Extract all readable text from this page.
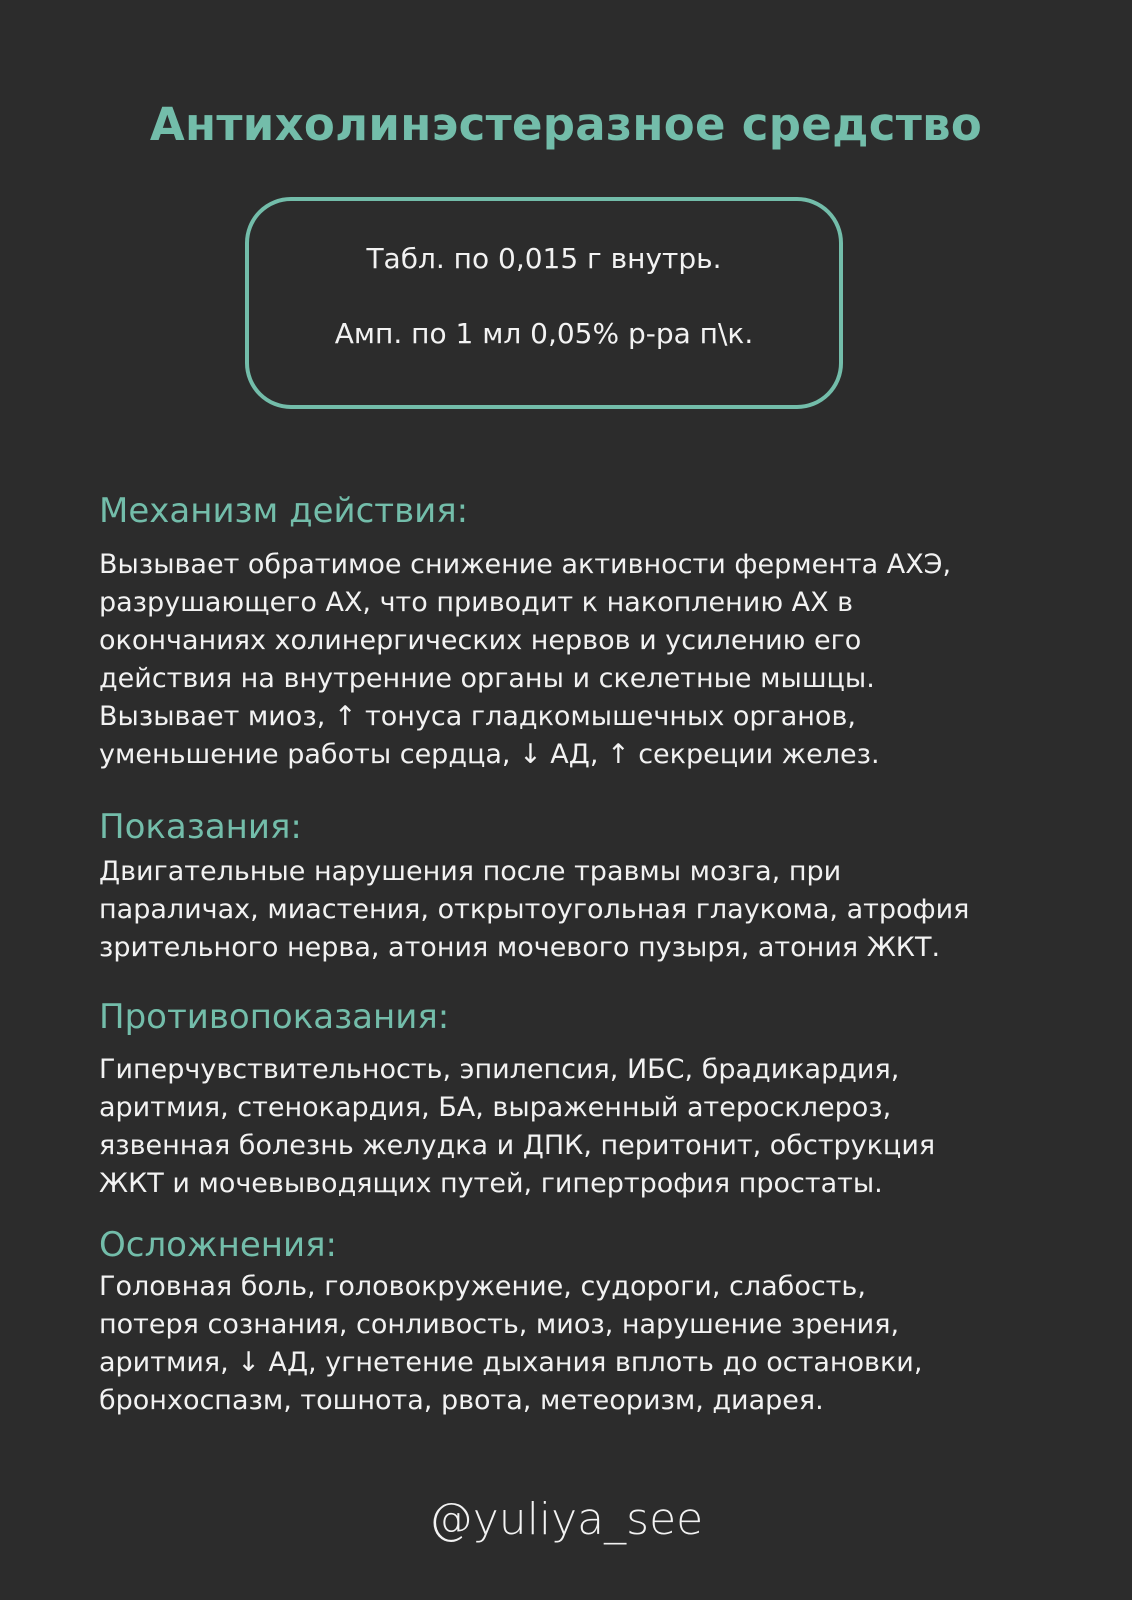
Антихолинэстеразное средство
Табл. по 0,015 г внутрь.
Амп. по 1 мл 0,05% р-ра п\к.
Механизм действия:
Вызывает обратимое снижение активности фермента АХЭ,
разрушающего АХ, что приводит к накоплению АХ в
окончаниях холинергических нервов и усилению его
действия на внутренние органы и скелетные мышцы.
Вызывает миоз, ↑ тонуса гладкомышечных органов,
уменьшение работы сердца, ↓ АД, ↑ секреции желез.
Показания:
Двигательные нарушения после травмы мозга, при
параличах, миастения, открытоугольная глаукома, атрофия
зрительного нерва, атония мочевого пузыря, атония ЖКТ.
Противопоказания:
Гиперчувствительность, эпилепсия, ИБС, брадикардия,
аритмия, стенокардия, БА, выраженный атеросклероз,
язвенная болезнь желудка и ДПК, перитонит, обструкция
ЖКТ и мочевыводящих путей, гипертрофия простаты.
Осложнения:
Головная боль, головокружение, судороги, слабость,
потеря сознания, сонливость, миоз, нарушение зрения,
аритмия, ↓ АД, угнетение дыхания вплоть до остановки,
бронхоспазм, тошнота, рвота, метеоризм, диарея.
@yuliya_see
